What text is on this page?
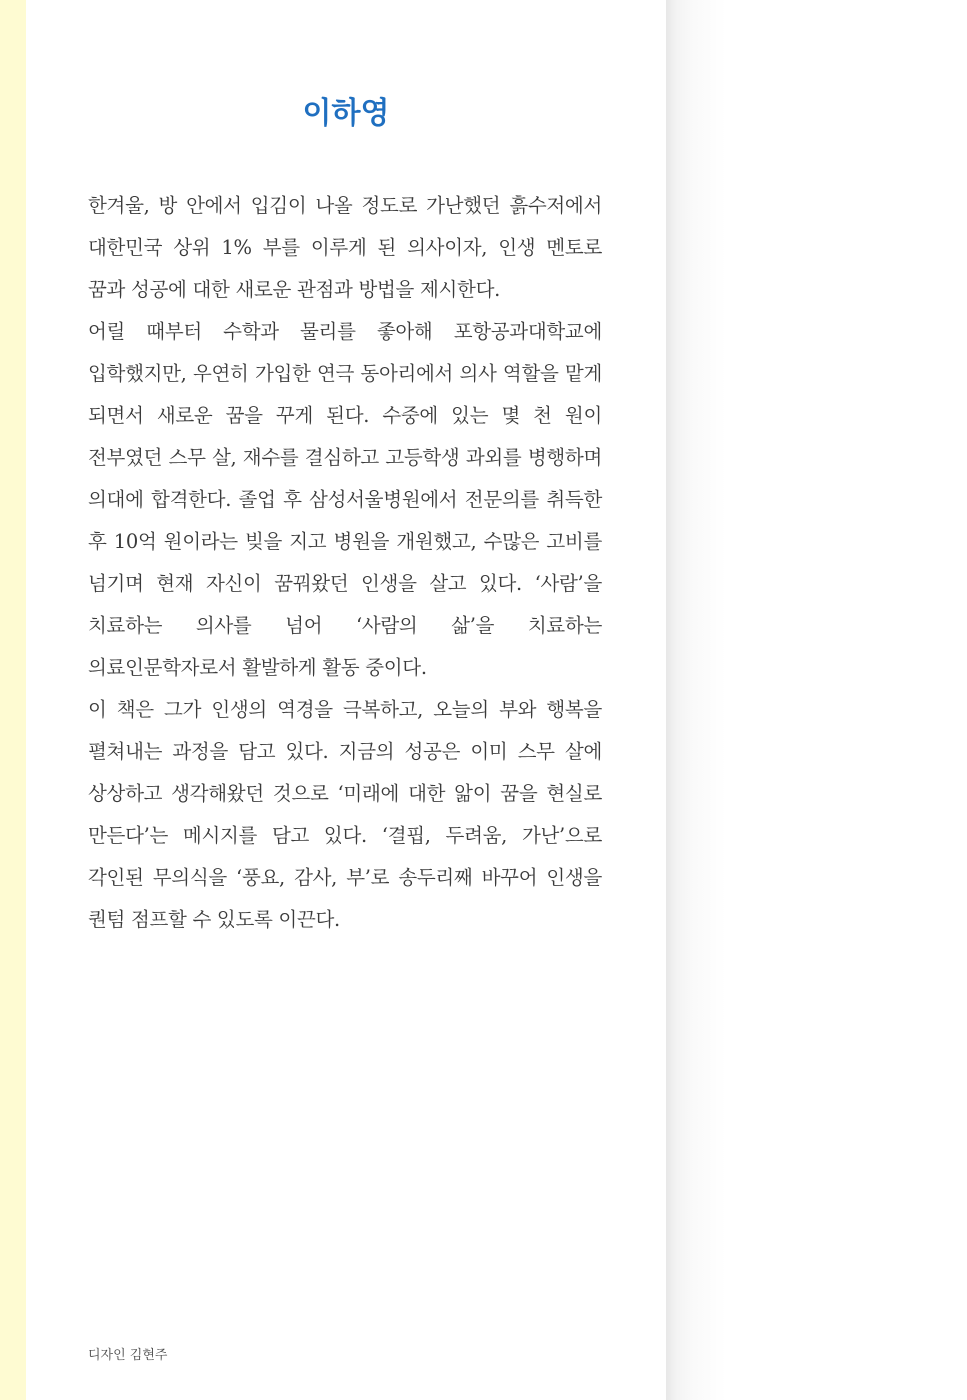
이하영

한겨울, 방 안에서 입김이 나올 정도로 가난했던 흙수저에서 대한민국 상위 1% 부를 이루게 된 의사이자, 인생 멘토로 꿈과 성공에 대한 새로운 관점과 방법을 제시한다.

어릴 때부터 수학과 물리를 좋아해 포항공과대학교에 입학했지만, 우연히 가입한 연극 동아리에서 의사 역할을 맡게 되면서 새로운 꿈을 꾸게 된다. 수중에 있는 몇 천 원이 전부였던 스무 살, 재수를 결심하고 고등학생 과외를 병행하며 의대에 합격한다. 졸업 후 삼성서울병원에서 전문의를 취득한 후 10억 원이라는 빚을 지고 병원을 개원했고, 수많은 고비를 넘기며 현재 자신이 꿈꿔왔던 인생을 살고 있다. ‘사람’을 치료하는 의사를 넘어 ‘사람의 삶’을 치료하는 의료인문학자로서 활발하게 활동 중이다.

이 책은 그가 인생의 역경을 극복하고, 오늘의 부와 행복을 펼쳐내는 과정을 담고 있다. 지금의 성공은 이미 스무 살에 상상하고 생각해왔던 것으로 ‘미래에 대한 앎이 꿈을 현실로 만든다’는 메시지를 담고 있다. ‘결핍, 두려움, 가난’으로 각인된 무의식을 ‘풍요, 감사, 부’로 송두리째 바꾸어 인생을 퀀텀 점프할 수 있도록 이끈다.

디자인 김현주
